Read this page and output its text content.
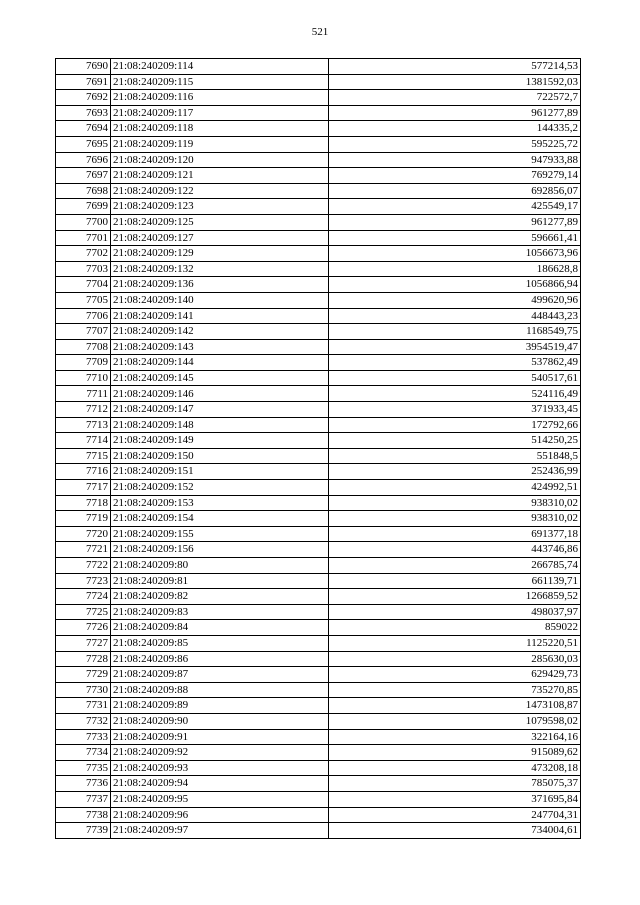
521
7690	21:08:240209:114	577214,53
7691	21:08:240209:115	1381592,03
7692	21:08:240209:116	722572,7
7693	21:08:240209:117	961277,89
7694	21:08:240209:118	144335,2
7695	21:08:240209:119	595225,72
7696	21:08:240209:120	947933,88
7697	21:08:240209:121	769279,14
7698	21:08:240209:122	692856,07
7699	21:08:240209:123	425549,17
7700	21:08:240209:125	961277,89
7701	21:08:240209:127	596661,41
7702	21:08:240209:129	1056673,96
7703	21:08:240209:132	186628,8
7704	21:08:240209:136	1056866,94
7705	21:08:240209:140	499620,96
7706	21:08:240209:141	448443,23
7707	21:08:240209:142	1168549,75
7708	21:08:240209:143	3954519,47
7709	21:08:240209:144	537862,49
7710	21:08:240209:145	540517,61
7711	21:08:240209:146	524116,49
7712	21:08:240209:147	371933,45
7713	21:08:240209:148	172792,66
7714	21:08:240209:149	514250,25
7715	21:08:240209:150	551848,5
7716	21:08:240209:151	252436,99
7717	21:08:240209:152	424992,51
7718	21:08:240209:153	938310,02
7719	21:08:240209:154	938310,02
7720	21:08:240209:155	691377,18
7721	21:08:240209:156	443746,86
7722	21:08:240209:80	266785,74
7723	21:08:240209:81	661139,71
7724	21:08:240209:82	1266859,52
7725	21:08:240209:83	498037,97
7726	21:08:240209:84	859022
7727	21:08:240209:85	1125220,51
7728	21:08:240209:86	285630,03
7729	21:08:240209:87	629429,73
7730	21:08:240209:88	735270,85
7731	21:08:240209:89	1473108,87
7732	21:08:240209:90	1079598,02
7733	21:08:240209:91	322164,16
7734	21:08:240209:92	915089,62
7735	21:08:240209:93	473208,18
7736	21:08:240209:94	785075,37
7737	21:08:240209:95	371695,84
7738	21:08:240209:96	247704,31
7739	21:08:240209:97	734004,61
